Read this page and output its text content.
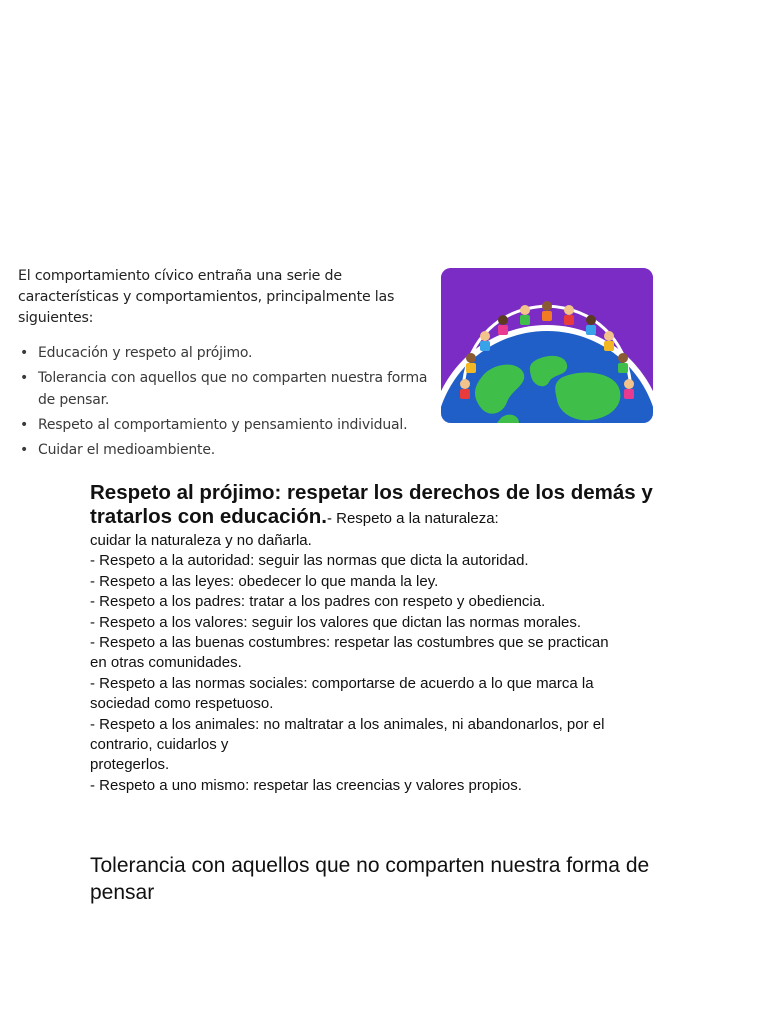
El comportamiento cívico entraña una serie de características y comportamientos, principalmente las siguientes:
• Educación y respeto al prójimo.
• Tolerancia con aquellos que no comparten nuestra forma de pensar.
• Respeto al comportamiento y pensamiento individual.
• Cuidar el medioambiente.
Respeto al prójimo: respetar los derechos de los demás y tratarlos con educación.- Respeto a la naturaleza:
cuidar la naturaleza y no dañarla.
- Respeto a la autoridad: seguir las normas que dicta la autoridad.
- Respeto a las leyes: obedecer lo que manda la ley.
- Respeto a los padres: tratar a los padres con respeto y obediencia.
- Respeto a los valores: seguir los valores que dictan las normas morales.
- Respeto a las buenas costumbres: respetar las costumbres que se practican
en otras comunidades.
- Respeto a las normas sociales: comportarse de acuerdo a lo que marca la
sociedad como respetuoso.
- Respeto a los animales: no maltratar a los animales, ni abandonarlos, por el
contrario, cuidarlos y
protegerlos.
- Respeto a uno mismo: respetar las creencias y valores propios.
Tolerancia con aquellos que no comparten nuestra forma de pensar
